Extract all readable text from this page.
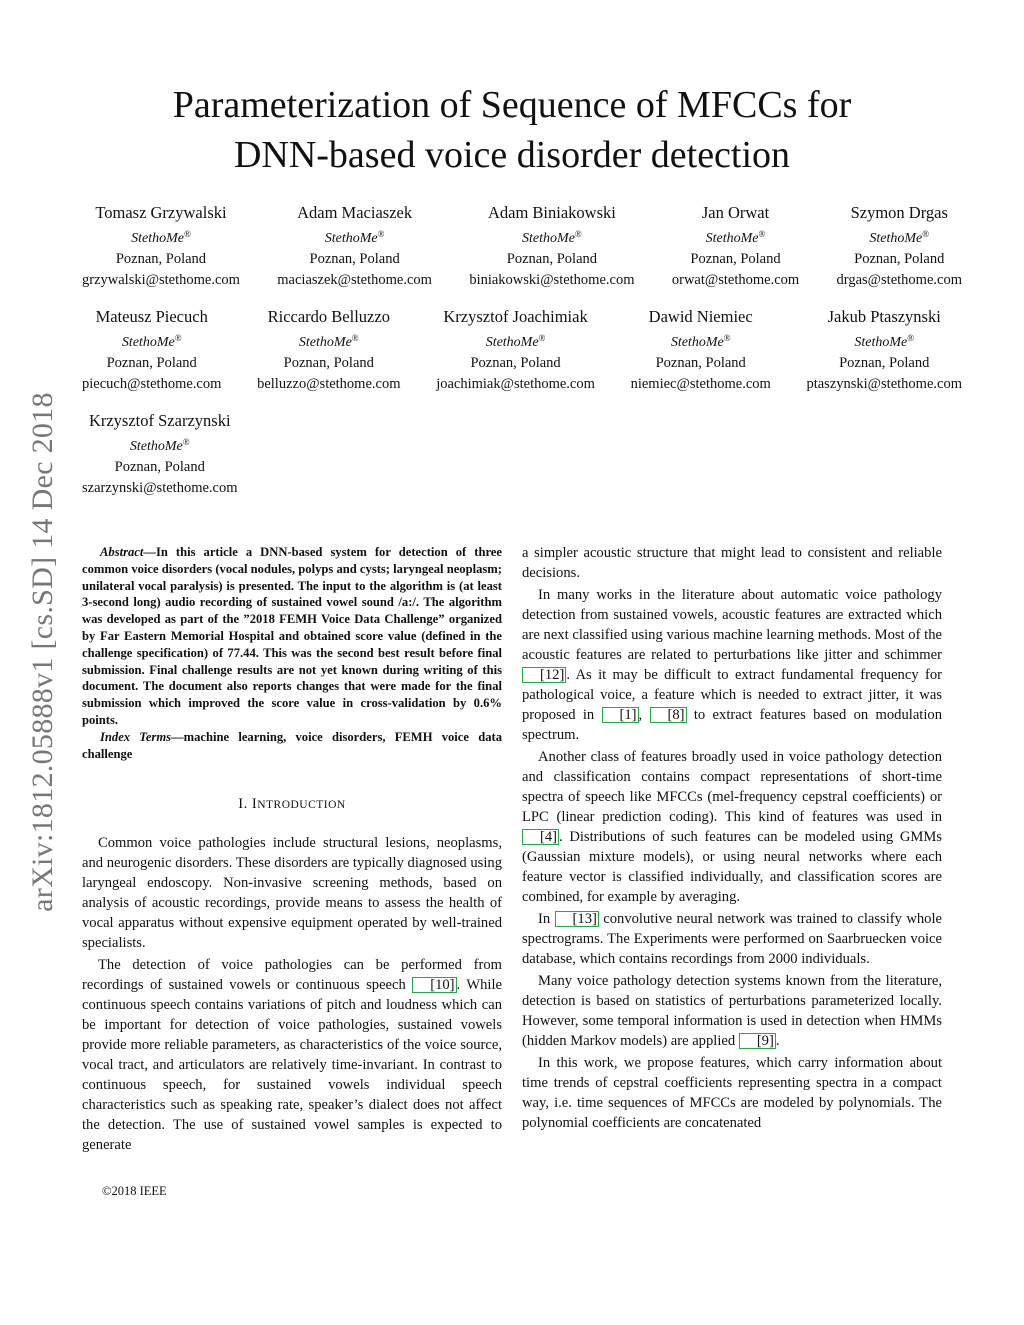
arXiv:1812.05888v1 [cs.SD] 14 Dec 2018
Parameterization of Sequence of MFCCs for
DNN-based voice disorder detection
Tomasz Grzywalski
StethoMe®
Poznan, Poland
grzywalski@stethome.com
Adam Maciaszek
StethoMe®
Poznan, Poland
maciaszek@stethome.com
Adam Biniakowski
StethoMe®
Poznan, Poland
biniakowski@stethome.com
Jan Orwat
StethoMe®
Poznan, Poland
orwat@stethome.com
Szymon Drgas
StethoMe®
Poznan, Poland
drgas@stethome.com
Mateusz Piecuch
StethoMe®
Poznan, Poland
piecuch@stethome.com
Riccardo Belluzzo
StethoMe®
Poznan, Poland
belluzzo@stethome.com
Krzysztof Joachimiak
StethoMe®
Poznan, Poland
joachimiak@stethome.com
Dawid Niemiec
StethoMe®
Poznan, Poland
niemiec@stethome.com
Jakub Ptaszynski
StethoMe®
Poznan, Poland
ptaszynski@stethome.com
Krzysztof Szarzynski
StethoMe®
Poznan, Poland
szarzynski@stethome.com

Abstract—In this article a DNN-based system for detection of three common voice disorders (vocal nodules, polyps and cysts; laryngeal neoplasm; unilateral vocal paralysis) is presented. The input to the algorithm is (at least 3-second long) audio recording of sustained vowel sound /a:/. The algorithm was developed as part of the ”2018 FEMH Voice Data Challenge” organized by Far Eastern Memorial Hospital and obtained score value (defined in the challenge specification) of 77.44. This was the second best result before final submission. Final challenge results are not yet known during writing of this document. The document also reports changes that were made for the final submission which improved the score value in cross-validation by 0.6% points.

Index Terms—machine learning, voice disorders, FEMH voice data challenge

I. INTRODUCTION

Common voice pathologies include structural lesions, neoplasms, and neurogenic disorders. These disorders are typically diagnosed using laryngeal endoscopy. Non-invasive screening methods, based on analysis of acoustic recordings, provide means to assess the health of vocal apparatus without expensive equipment operated by well-trained specialists.

The detection of voice pathologies can be performed from recordings of sustained vowels or continuous speech [10] . While continuous speech contains variations of pitch and loudness which can be important for detection of voice pathologies, sustained vowels provide more reliable parameters, as characteristics of the voice source, vocal tract, and articulators are relatively time-invariant. In contrast to continuous speech, for sustained vowels individual speech characteristics such as speaking rate, speaker’s dialect does not affect the detection. The use of sustained vowel samples is expected to generate

a simpler acoustic structure that might lead to consistent and reliable decisions.

In many works in the literature about automatic voice pathology detection from sustained vowels, acoustic features are extracted which are next classified using various machine learning methods. Most of the acoustic features are related to perturbations like jitter and schimmer [12] . As it may be difficult to extract fundamental frequency for pathological voice, a feature which is needed to extract jitter, it was proposed in [1] , [8] to extract features based on modulation spectrum.

Another class of features broadly used in voice pathology detection and classification contains compact representations of short-time spectra of speech like MFCCs (mel-frequency cepstral coefficients) or LPC (linear prediction coding). This kind of features was used in [4] . Distributions of such features can be modeled using GMMs (Gaussian mixture models), or using neural networks where each feature vector is classified individually, and classification scores are combined, for example by averaging.

In [13] convolutive neural network was trained to classify whole spectrograms. The Experiments were performed on Saarbruecken voice database, which contains recordings from 2000 individuals.

Many voice pathology detection systems known from the literature, detection is based on statistics of perturbations parameterized locally. However, some temporal information is used in detection when HMMs (hidden Markov models) are applied [9] .

In this work, we propose features, which carry information about time trends of cepstral coefficients representing spectra in a compact way, i.e. time sequences of MFCCs are modeled by polynomials. The polynomial coefficients are concatenated

©2018 IEEE
